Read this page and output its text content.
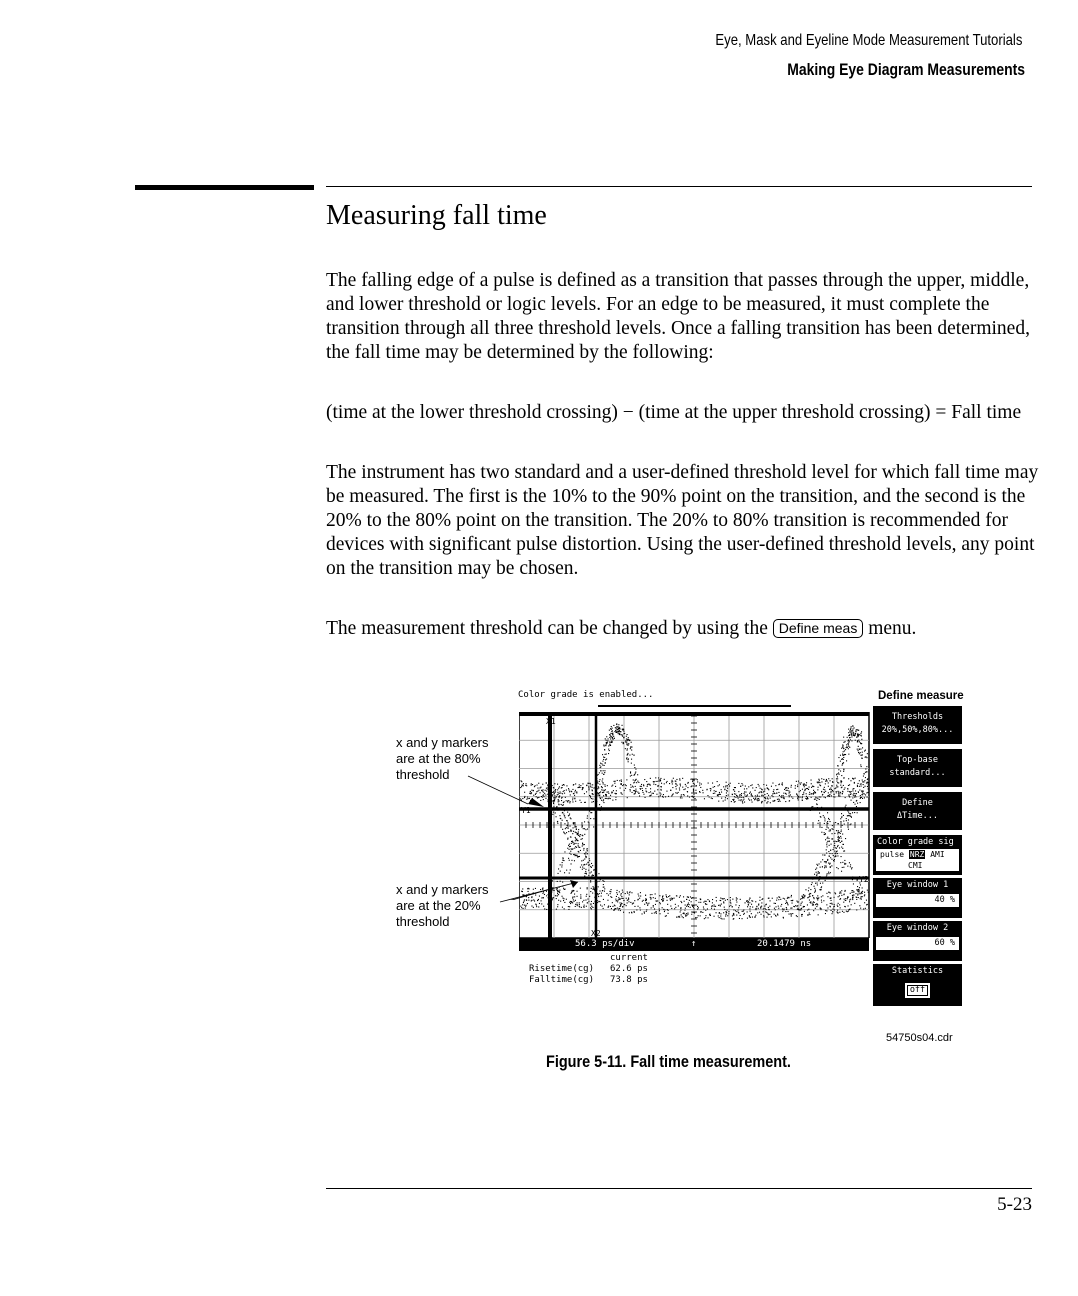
Eye, Mask and Eyeline Mode Measurement Tutorials
Making Eye Diagram Measurements
Measuring fall time

The falling edge of a pulse is defined as a transition that passes through the upper, middle, and lower threshold or logic levels. For an edge to be measured, it must complete the transition through all three threshold levels. Once a falling transition has been determined, the fall time may be determined by the following:

(time at the lower threshold crossing) − (time at the upper threshold crossing) = Fall time

The instrument has two standard and a user-defined threshold level for which fall time may be measured. The first is the 10% to the 90% point on the transition, and the second is the 20% to the 80% point on the transition. The 20% to 80% transition is recommended for devices with significant pulse distortion. Using the user-defined threshold levels, any point on the transition may be chosen.

The measurement threshold can be changed by using the Define meas menu.

x and y markers
are at the 80%
threshold
x and y markers
are at the 20%
threshold
Color grade is enabled...	Define measure
X1
Y1
Y2
X2
56.3 ps/div	↑	20.1479 ns
current
Risetime(cg) 62.6 ps
Falltime(cg) 73.8 ps
Thresholds
20%,50%,80%...
Top-base
standard...
Define
ΔTime...
Color grade sig
pulse NRZ AMI
CMI
Eye window 1
40 %
Eye window 2
60 %
Statistics
off
54750s04.cdr
Figure 5-11. Fall time measurement.
5-23
